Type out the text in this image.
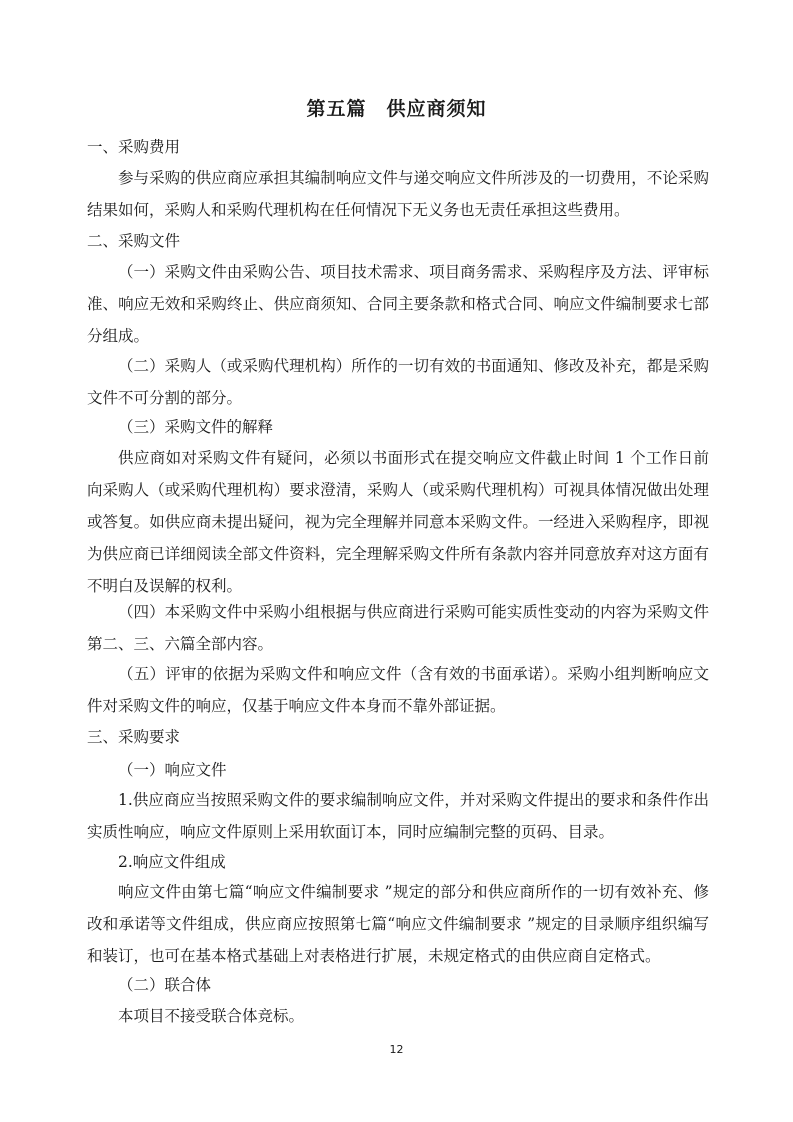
第五篇　供应商须知
一、采购费用

参与采购的供应商应承担其编制响应文件与递交响应文件所涉及的一切费用，不论采购结果如何，采购人和采购代理机构在任何情况下无义务也无责任承担这些费用。

二、采购文件

（一）采购文件由采购公告、项目技术需求、项目商务需求、采购程序及方法、评审标准、响应无效和采购终止、供应商须知、合同主要条款和格式合同、响应文件编制要求七部分组成。

（二）采购人（或采购代理机构）所作的一切有效的书面通知、修改及补充，都是采购文件不可分割的部分。

（三）采购文件的解释

供应商如对采购文件有疑问，必须以书面形式在提交响应文件截止时间 1 个工作日前向采购人（或采购代理机构）要求澄清，采购人（或采购代理机构）可视具体情况做出处理或答复。如供应商未提出疑问，视为完全理解并同意本采购文件。一经进入采购程序，即视为供应商已详细阅读全部文件资料，完全理解采购文件所有条款内容并同意放弃对这方面有不明白及误解的权利。

（四）本采购文件中采购小组根据与供应商进行采购可能实质性变动的内容为采购文件第二、三、六篇全部内容。

（五）评审的依据为采购文件和响应文件（含有效的书面承诺）。采购小组判断响应文件对采购文件的响应，仅基于响应文件本身而不靠外部证据。

三、采购要求
（一）响应文件

1.供应商应当按照采购文件的要求编制响应文件，并对采购文件提出的要求和条件作出实质性响应，响应文件原则上采用软面订本，同时应编制完整的页码、目录。

2.响应文件组成

响应文件由第七篇“响应文件编制要求 ”规定的部分和供应商所作的一切有效补充、修改和承诺等文件组成，供应商应按照第七篇“响应文件编制要求 ”规定的目录顺序组织编写和装订，也可在基本格式基础上对表格进行扩展，未规定格式的由供应商自定格式。

（二）联合体
本项目不接受联合体竞标。
12
